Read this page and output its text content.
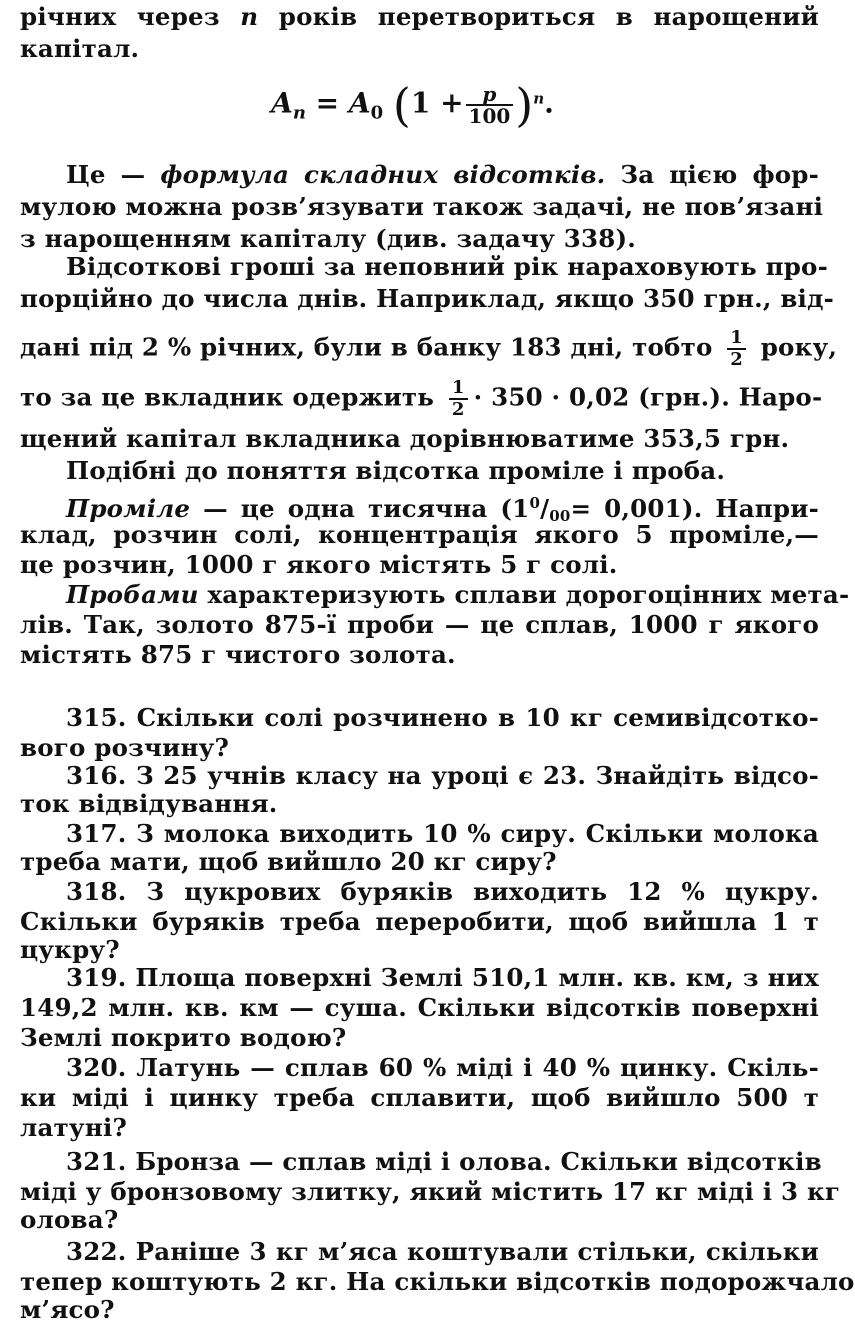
річних через n років перетвориться в нарощений
капітал.
$A_n = A_0$ $(1 + \frac{p}{100} )^n$.
Це — формула складних відсотків. За цією фор-
мулою можна розв’язувати також задачі, не пов’язані
з нарощенням капіталу (див. задачу 338).
Відсоткові гроші за неповний рік нараховують про-
порційно до числа днів. Наприклад, якщо 350 грн., від-
дані під 2 % річних, були в банку 183 дні, тобто $\frac{1}{2}$ року,
то за це вкладник одержить $\frac{1}{2} \cdot 350 \cdot 0,02$ (грн.). Наро-
щений капітал вкладника дорівнюватиме 353,5 грн.
Подібні до поняття відсотка проміле і проба.
Проміле — це одна тисячна $(1^0/00= 0,001)$. Напри-
клад, розчин солі, концентрація якого 5 проміле,—
це розчин, 1000 г якого містять 5 г солі.
Пробами характеризують сплави дорогоцінних мета-
лів. Так, золото 875-ї проби — це сплав, 1000 г якого
містять 875 г чистого золота.
315. Скільки солі розчинено в 10 кг семивідсотко-
вого розчину?
316. З 25 учнів класу на уроці є 23. Знайдіть відсо-
ток відвідування.
317. З молока виходить 10 % сиру. Скільки молока
треба мати, щоб вийшло 20 кг сиру?
318. З цукрових буряків виходить 12 % цукру.
Скільки буряків треба переробити, щоб вийшла 1 т
цукру?
319. Площа поверхні Землі 510,1 млн. кв. км, з них
149,2 млн. кв. км — суша. Скільки відсотків поверхні
Землі покрито водою?
320. Латунь — сплав 60 % міді і 40 % цинку. Скіль-
ки міді і цинку треба сплавити, щоб вийшло 500 т
латуні?
321. Бронза — сплав міді і олова. Скільки відсотків
міді у бронзовому злитку, який містить 17 кг міді і 3 кг
олова?
322. Раніше 3 кг м’яса коштували стільки, скільки
тепер коштують 2 кг. На скільки відсотків подорожчало
м’ясо?
